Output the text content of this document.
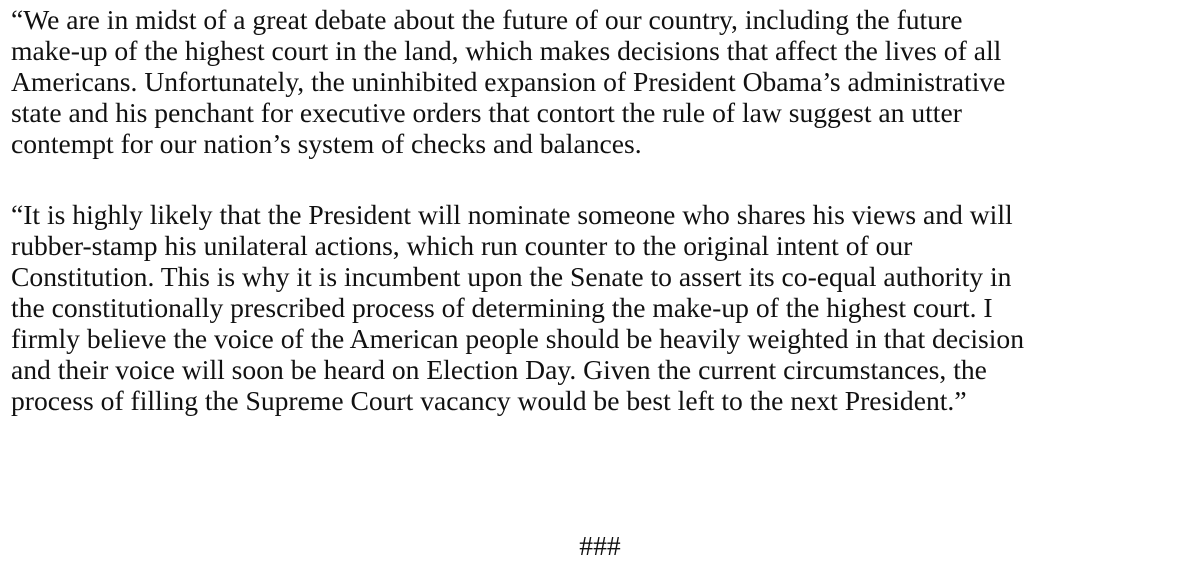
“We are in midst of a great debate about the future of our country, including the future
make-up of the highest court in the land, which makes decisions that affect the lives of all
Americans. Unfortunately, the uninhibited expansion of President Obama’s administrative
state and his penchant for executive orders that contort the rule of law suggest an utter
contempt for our nation’s system of checks and balances.

“It is highly likely that the President will nominate someone who shares his views and will
rubber-stamp his unilateral actions, which run counter to the original intent of our
Constitution. This is why it is incumbent upon the Senate to assert its co-equal authority in
the constitutionally prescribed process of determining the make-up of the highest court. I
firmly believe the voice of the American people should be heavily weighted in that decision
and their voice will soon be heard on Election Day. Given the current circumstances, the
process of filling the Supreme Court vacancy would be best left to the next President.”

###
